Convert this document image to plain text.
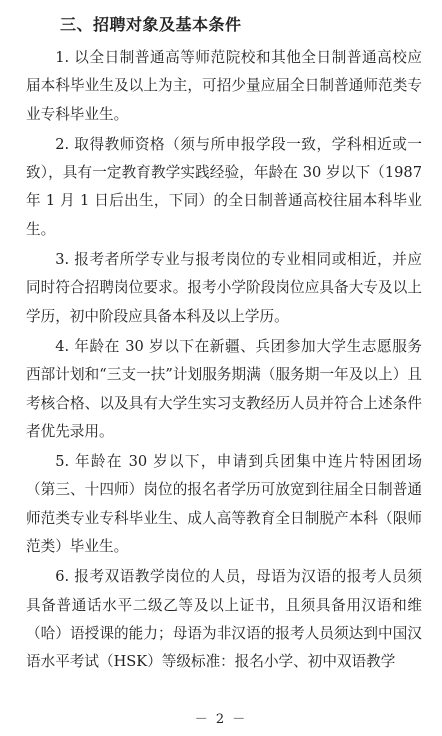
三、招聘对象及基本条件

1. 以全日制普通高等师范院校和其他全日制普通高校应届本科毕业生及以上为主，可招少量应届全日制普通师范类专业专科毕业生。

2. 取得教师资格（须与所申报学段一致，学科相近或一致），具有一定教育教学实践经验，年龄在 30 岁以下（1987 年 1 月 1 日后出生，下同）的全日制普通高校往届本科毕业生。

3. 报考者所学专业与报考岗位的专业相同或相近，并应同时符合招聘岗位要求。报考小学阶段岗位应具备大专及以上学历，初中阶段应具备本科及以上学历。

4. 年龄在 30 岁以下在新疆、兵团参加大学生志愿服务西部计划和“三支一扶”计划服务期满（服务期一年及以上）且考核合格、以及具有大学生实习支教经历人员并符合上述条件者优先录用。

5. 年龄在 30 岁以下，申请到兵团集中连片特困团场（第三、十四师）岗位的报名者学历可放宽到往届全日制普通师范类专业专科毕业生、成人高等教育全日制脱产本科（限师范类）毕业生。

6. 报考双语教学岗位的人员，母语为汉语的报考人员须具备普通话水平二级乙等及以上证书，且须具备用汉语和维（哈）语授课的能力；母语为非汉语的报考人员须达到中国汉语水平考试（HSK）等级标准：报名小学、初中双语教学

－ 2 －
